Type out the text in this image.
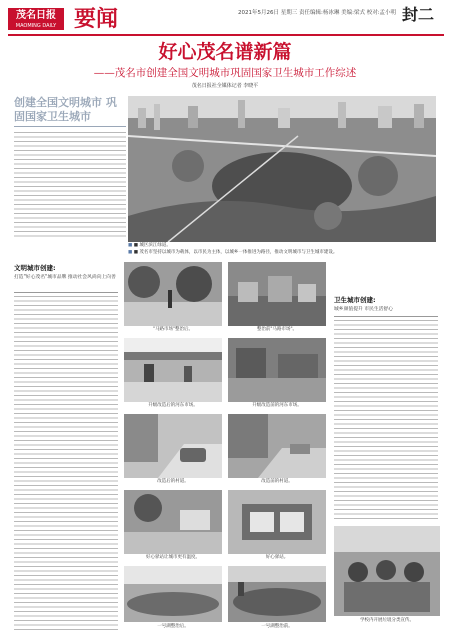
茂名日报
MAOMING DAILY 要闻	2021年5月26日 星期三 责任编辑:杨冰琳 美编:梁式 校对:孟小明 封二
好心茂名谱新篇
——茂名市创建全国文明城市巩固国家卫生城市工作综述
茂名日报社全媒体记者 李晓平
创建全国文明城市 巩固国家卫生城市
■ ■ 城区滨江绿道。
■ ■ 茂名市坚持以城市为载体，以市民为主体，以城乡一体推进为路径，推动文明城市与卫生城市建设。
文明城市创建:
打造"好心茂名"城市品牌 推动社会风尚向上向善
卫生城市创建:
城乡颜值提升 市民生活舒心
"马路市场"整治后。	整治前"马路市场"。
升级改造后的河东市场。	升级改造前的河东市场。
改造后的村道。	改造前的村道。
好心驿站让城市更有温度。	好心驿站。
一号湖整治后。	一号湖整治前。
学校内开展垃圾分类宣传。
